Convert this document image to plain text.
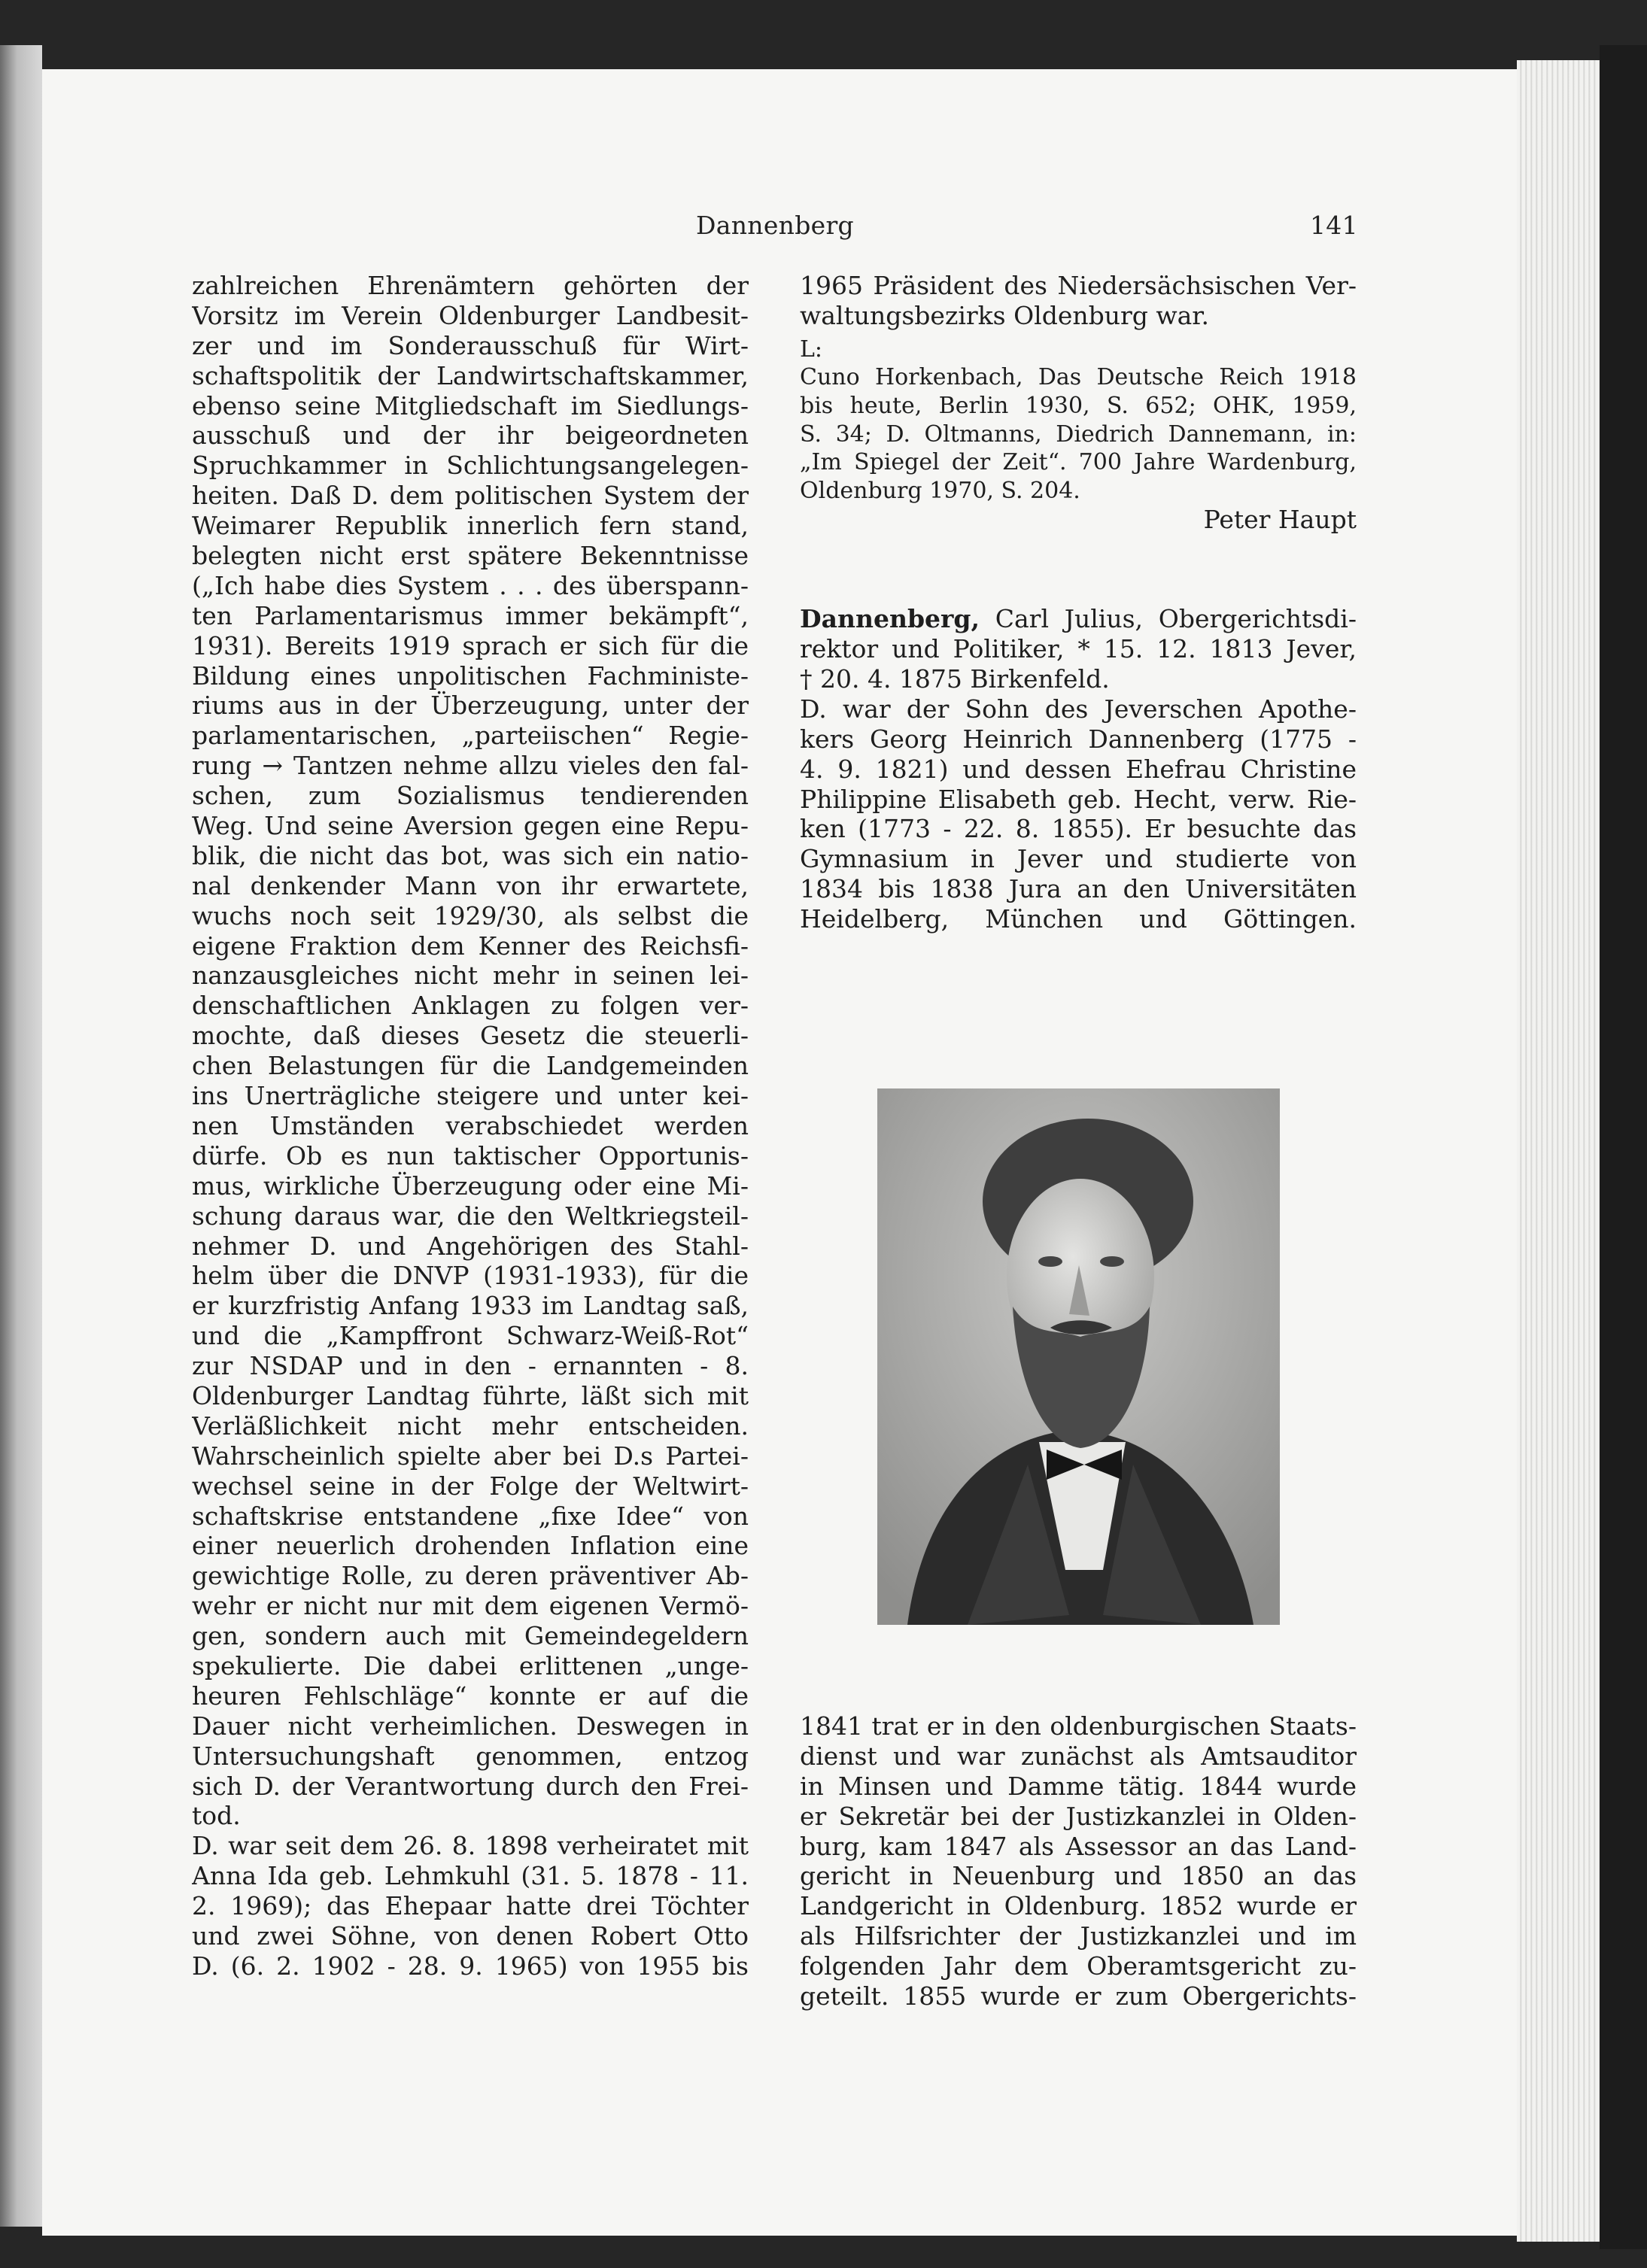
Dannenberg	141
zahlreichen Ehrenämtern gehörten der
Vorsitz im Verein Oldenburger Landbesit-
zer und im Sonderausschuß für Wirt-
schaftspolitik der Landwirtschaftskammer,
ebenso seine Mitgliedschaft im Siedlungs-
ausschuß und der ihr beigeordneten
Spruchkammer in Schlichtungsangelegen-
heiten. Daß D. dem politischen System der
Weimarer Republik innerlich fern stand,
belegten nicht erst spätere Bekenntnisse
(„Ich habe dies System . . . des überspann-
ten Parlamentarismus immer bekämpft“,
1931). Bereits 1919 sprach er sich für die
Bildung eines unpolitischen Fachministe-
riums aus in der Überzeugung, unter der
parlamentarischen, „parteiischen“ Regie-
rung → Tantzen nehme allzu vieles den fal-
schen, zum Sozialismus tendierenden
Weg. Und seine Aversion gegen eine Repu-
blik, die nicht das bot, was sich ein natio-
nal denkender Mann von ihr erwartete,
wuchs noch seit 1929/30, als selbst die
eigene Fraktion dem Kenner des Reichsfi-
nanzausgleiches nicht mehr in seinen lei-
denschaftlichen Anklagen zu folgen ver-
mochte, daß dieses Gesetz die steuerli-
chen Belastungen für die Landgemeinden
ins Unerträgliche steigere und unter kei-
nen Umständen verabschiedet werden
dürfe. Ob es nun taktischer Opportunis-
mus, wirkliche Überzeugung oder eine Mi-
schung daraus war, die den Weltkriegsteil-
nehmer D. und Angehörigen des Stahl-
helm über die DNVP (1931-1933), für die
er kurzfristig Anfang 1933 im Landtag saß,
und die „Kampffront Schwarz-Weiß-Rot“
zur NSDAP und in den - ernannten - 8.
Oldenburger Landtag führte, läßt sich mit
Verläßlichkeit nicht mehr entscheiden.
Wahrscheinlich spielte aber bei D.s Partei-
wechsel seine in der Folge der Weltwirt-
schaftskrise entstandene „fixe Idee“ von
einer neuerlich drohenden Inflation eine
gewichtige Rolle, zu deren präventiver Ab-
wehr er nicht nur mit dem eigenen Vermö-
gen, sondern auch mit Gemeindegeldern
spekulierte. Die dabei erlittenen „unge-
heuren Fehlschläge“ konnte er auf die
Dauer nicht verheimlichen. Deswegen in
Untersuchungshaft genommen, entzog
sich D. der Verantwortung durch den Frei-
tod.
D. war seit dem 26. 8. 1898 verheiratet mit
Anna Ida geb. Lehmkuhl (31. 5. 1878 - 11.
2. 1969); das Ehepaar hatte drei Töchter
und zwei Söhne, von denen Robert Otto
D. (6. 2. 1902 - 28. 9. 1965) von 1955 bis
1965 Präsident des Niedersächsischen Ver-
waltungsbezirks Oldenburg war.
L:
Cuno Horkenbach, Das Deutsche Reich 1918
bis heute, Berlin 1930, S. 652; OHK, 1959,
S. 34; D. Oltmanns, Diedrich Dannemann, in:
„Im Spiegel der Zeit“. 700 Jahre Wardenburg,
Oldenburg 1970, S. 204.
Peter Haupt
Dannenberg, Carl Julius, Obergerichtsdi-
rektor und Politiker, * 15. 12. 1813 Jever,
† 20. 4. 1875 Birkenfeld.
D. war der Sohn des Jeverschen Apothe-
kers Georg Heinrich Dannenberg (1775 -
4. 9. 1821) und dessen Ehefrau Christine
Philippine Elisabeth geb. Hecht, verw. Rie-
ken (1773 - 22. 8. 1855). Er besuchte das
Gymnasium in Jever und studierte von
1834 bis 1838 Jura an den Universitäten
Heidelberg, München und Göttingen.
1841 trat er in den oldenburgischen Staats-
dienst und war zunächst als Amtsauditor
in Minsen und Damme tätig. 1844 wurde
er Sekretär bei der Justizkanzlei in Olden-
burg, kam 1847 als Assessor an das Land-
gericht in Neuenburg und 1850 an das
Landgericht in Oldenburg. 1852 wurde er
als Hilfsrichter der Justizkanzlei und im
folgenden Jahr dem Oberamtsgericht zu-
geteilt. 1855 wurde er zum Obergerichts-
